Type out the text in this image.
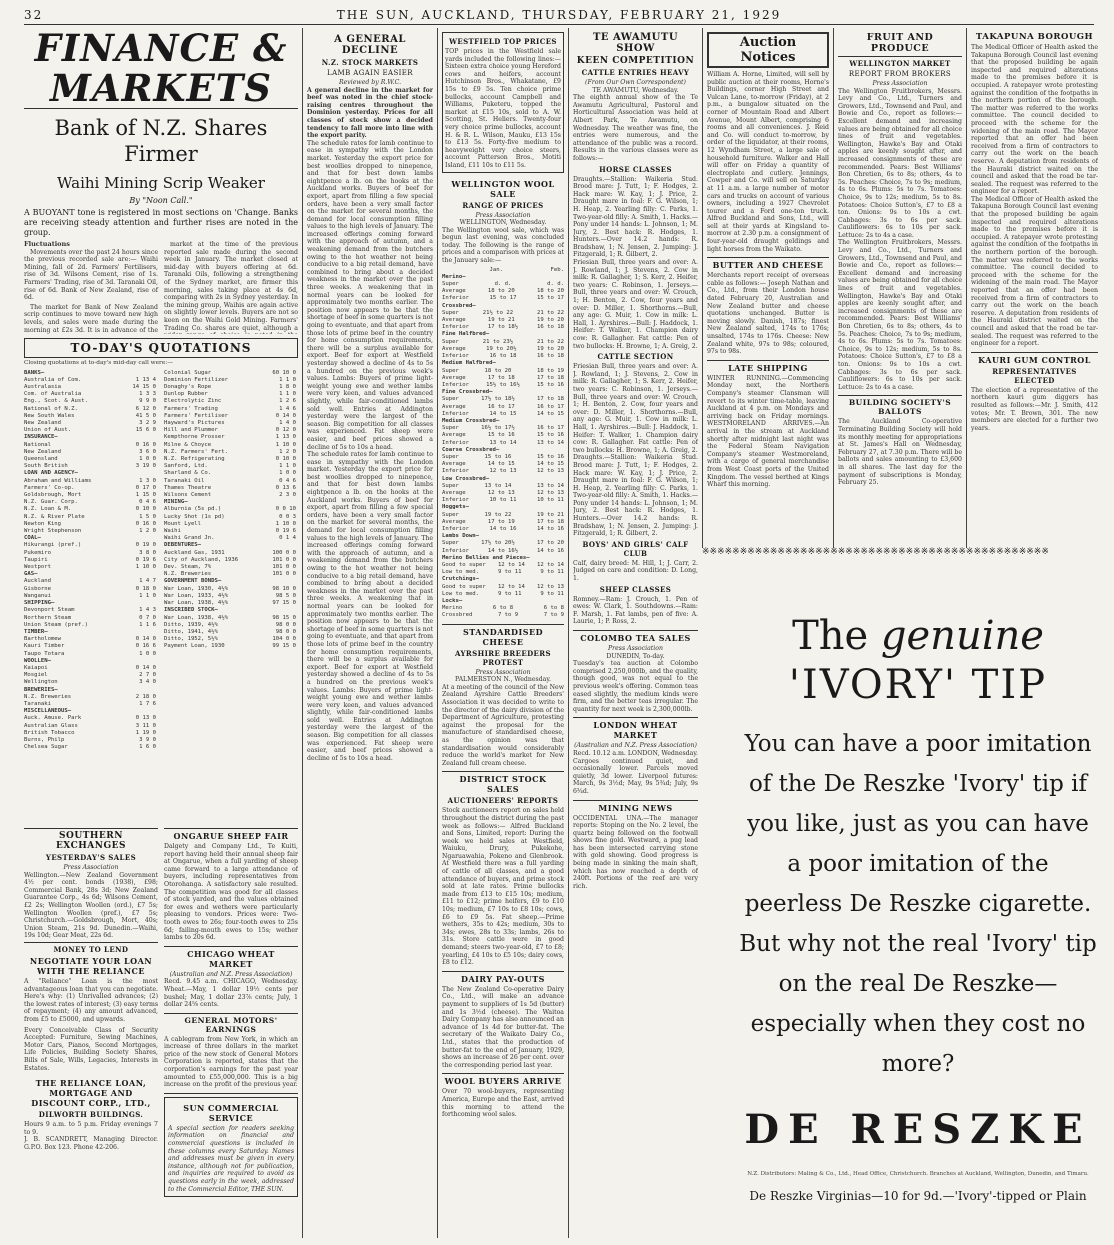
32	THE SUN, AUCKLAND, THURSDAY, FEBRUARY 21, 1929
FINANCE & MARKETS
Bank of N.Z. Shares Firmer
Waihi Mining Scrip Weaker
By "Noon Call."
A BUOYANT tone is registered in most sections on 'Change. Banks are receiving steady attention and further rises are noted in the group.
Fluctuations

Movements over the past 24 hours since the previous recorded sale are:— Waihi Mining, fall of 2d. Farmers' Fertilisers, rise of 3d. Wilsons Cement, rise of 1s. Farmers' Trading, rise of 3d. Taranaki Oil, rise of 6d. Bank of New Zealand, rise of 6d.

The market for Bank of New Zealand scrip continues to move toward new high levels, and sales were made during the morning at £2s 3d. It is in advance of the

market at the time of the previous reported sale made during the second week in January. The market closed at mid-day with buyers offering at 6d. Taranaki Oils, following a strengthening of the Sydney market, are firmer this morning, sales taking place at 4s 6d, comparing with 2s in Sydney yesterday. In the mining group, Waihis are again active on slightly lower levels. Buyers are not so keen on the Waihi Gold Mining. Farmers' Trading Co. shares are quiet, although a

TO-DAY'S QUOTATIONS
Closing quotations at to-day's mid-day call were:—
BANKS—
Australia of Com.	1 13 4
Australasia	14 15 0
Com. of Australia	1 3 3
Eng., Scot. & Aust.	9 9 0
National of N.Z.	6 12 0
New South Wales	41 5 0
New Zealand	3 2 9
Union of Aust.	15 6 0
INSURANCE—
National	0 16 0
New Zealand	3 6 0
Queensland	1 0 0
South British	3 19 0
LOAN AND AGENCY—
Abraham and Williams	1 3 0
Farmers' Co-op.	0 17 0
Goldsbrough, Mort	1 15 0
N.Z. Guar. Corp.	0 4 6
N.Z. Loan & M.	0 10 0
N.Z. & River Plate	1 5 0
Newton King	0 16 0
Wright Stephenson	1 2 0
COAL—
Hikurangi (pref.)	0 19 0
Pukemiro	3 8 0
Taupiri	0 19 6
Westport	1 10 0
GAS—
Auckland	1 4 7
Gisborne	0 18 0
Wanganui	1 1 0
SHIPPING—
Devonport Steam	1 4 3
Northern Steam	0 7 0
Union Steam (pref.)	1 1 6
TIMBER—
Bartholomew	0 14 0
Kauri Timber	0 16 6
Taupo Totara	1 0 0
WOOLLEN—
Kaiapoi	0 14 0
Mosgiel	2 7 0
Wellington	3 4 0
BREWERIES—
N.Z. Breweries	2 18 0
Taranaki	1 7 6
MISCELLANEOUS—
Auck. Amuse. Park	0 13 0
Australian Glass	3 11 0
British Tobacco	1 19 0
Burns, Philp	3 9 0
Chelsea Sugar	1 6 0
Colonial Sugar	60 10 0
Dominion Fertilizer	1 1 0
Donaghy's Rope	1 8 0
Dunlop Rubber	1 1 0
Electrolytic Zinc	1 2 6
Farmers' Trading	1 4 6
Farmers' Fertiliser	0 14 0
Hayward's Pictures	1 4 0
Hill and Plummer	0 12 0
Kempthorne Prosser	1 13 0
Milne & Choyce	1 10 0
N.Z. Farmers' Fert.	1 2 0
N.Z. Refrigerating	0 10 0
Sanford, Ltd.	1 1 0
Sharland & Co.	1 0 0
Taranaki Oil	0 4 6
Thames Theatre	0 13 6
Wilsons Cement	2 3 0
MINING—
Alburnia (5s pd.)	0 0 10
Lucky Shot (1s pd)	0 0 3
Mount Lyell	1 10 0
Waihi	0 19 6
Waihi Grand Jn.	0 1 4
DEBENTURES—
Auckland Gas, 1931	100 0 0
City of Auckland, 1936	101 0 0
Dev. Steam, 7%	101 0 0
N.Z. Breweries	101 0 0
GOVERNMENT BONDS—
War Loan, 1930, 4½%	98 10 0
War Loan, 1933, 4½%	98 5 0
War Loan, 1938, 4½%	97 15 0
INSCRIBED STOCK—
War Loan, 1938, 4½%	98 15 0
Ditto, 1939, 4½%	98 0 0
Ditto, 1941, 4½%	98 0 0
Ditto, 1952, 5½%	104 0 0
Payment Loan, 1930	99 15 0
SOUTHERN EXCHANGES
YESTERDAY'S SALES
Press Association
Wellington.—New Zealand Government 4½ per cent. bonds (1938), £98; Commercial Bank, 28s 3d; New Zealand Guarantee Corp., 4s 6d; Wilsons Cement, £2 2s; Wellington Woollen (ord.), £7 5s; Wellington Woollen (pref.), £7 5s; Christchurch.—Goldsbrough, Mort, 40s; Union Steam, 21s 9d. Dunedin.—Waihi, 19s 10d; Gear Meat, 22s 6d.
MONEY TO LEND
NEGOTIATE YOUR LOAN WITH THE RELIANCE
A "Reliance" Loan is the most advantageous loan that you can negotiate. Here's why: (1) Unrivalled advances; (2) the lowest rates of interest; (3) easy terms of repayment; (4) any amount advanced, from £5 to £5000, and upwards.
Every Conceivable Class of Security Accepted: Furniture, Sewing Machines, Motor Cars, Pianos, Second Mortgages, Life Policies, Building Society Shares, Bills of Sale, Wills, Legacies, Interests in Estates.
THE RELIANCE LOAN, MORTGAGE AND DISCOUNT CORP., LTD.,
DILWORTH BUILDINGS.
Hours 9 a.m. to 5 p.m. Friday evenings 7 to 9.
J. B. SCANDRETT, Managing Director. G.P.O. Box 123. Phone 42-206.
ONGARUE SHEEP FAIR
Dalgety and Company Ltd., Te Kuiti, report having held their annual sheep fair at Ongarue, when a full yarding of sheep came forward to a large attendance of buyers, including representatives from Otorohanga. A satisfactory sale resulted. The competition was good for all classes of stock yarded, and the values obtained for ewes and wethers were particularly pleasing to vendors. Prices were: Two-tooth ewes to 26s; four-tooth ewes to 25s 6d; failing-mouth ewes to 15s; wether lambs to 20s 6d.
CHICAGO WHEAT MARKET
(Australian and N.Z. Press Association)
Recd. 9.45 a.m. CHICAGO, Wednesday. Wheat.—May, 1 dollar 19½ cents per bushel; May, 1 dollar 23⅞ cents; July, 1 dollar 24⅝ cents.
GENERAL MOTORS' EARNINGS
A cablegram from New York, in which an increase of three dollars in the market price of the new stock of General Motors Corporation is reported, states that the corporation's earnings for the past year amounted to £55,000,000. This is a big increase on the profit of the previous year.
SUN COMMERCIAL SERVICE
A special section for readers seeking information on financial and commercial questions is included in these columns every Saturday. Names and addresses must be given in every instance, although not for publication, and inquiries are required to avoid as questions early in the week, addressed to the Commercial Editor, THE SUN.
A GENERAL DECLINE
N.Z. STOCK MARKETS
LAMB AGAIN EASIER
Reviewed by R.W.C.
A general decline in the market for beef was noted in the chief stock-raising centres throughout the Dominion yesterday. Prices for all classes of stock show a decided tendency to fall more into line with the export parity.
The schedule rates for lamb continue to ease in sympathy with the London market. Yesterday the export price for best woollies dropped to ninepence, and that for best down lambs eightpence a lb. on the hooks at the Auckland works. Buyers of beef for export, apart from filling a few special orders, have been a very small factor on the market for several months, the demand for local consumption filling values to the high levels of January. The increased offerings coming forward with the approach of autumn, and a weakening demand from the butchers owing to the hot weather not being conducive to a big retail demand, have combined to bring about a decided weakness in the market over the past three weeks. A weakening that in normal years can be looked for approximately two months earlier. The position now appears to be that the shortage of beef in some quarters is not going to eventuate, and that apart from those lots of prime beef in the country for home consumption requirements, there will be a surplus available for export. Beef for export at Westfield yesterday showed a decline of 4s to 5s a hundred on the previous week's values. Lambs: Buyers of prime light-weight young ewe and wether lambs were very keen, and values advanced slightly, while fair-conditioned lambs sold well. Entries at Addington yesterday were the largest of the season. Big competition for all classes was experienced. Fat sheep were easier, and beef prices showed a decline of 5s to 10s a head.
The schedule rates for lamb continue to ease in sympathy with the London market. Yesterday the export price for best woollies dropped to ninepence, and that for best down lambs eightpence a lb. on the hooks at the Auckland works. Buyers of beef for export, apart from filling a few special orders, have been a very small factor on the market for several months, the demand for local consumption filling values to the high levels of January. The increased offerings coming forward with the approach of autumn, and a weakening demand from the butchers owing to the hot weather not being conducive to a big retail demand, have combined to bring about a decided weakness in the market over the past three weeks. A weakening that in normal years can be looked for approximately two months earlier. The position now appears to be that the shortage of beef in some quarters is not going to eventuate, and that apart from those lots of prime beef in the country for home consumption requirements, there will be a surplus available for export. Beef for export at Westfield yesterday showed a decline of 4s to 5s a hundred on the previous week's values. Lambs: Buyers of prime light-weight young ewe and wether lambs were very keen, and values advanced slightly, while fair-conditioned lambs sold well. Entries at Addington yesterday were the largest of the season. Big competition for all classes was experienced. Fat sheep were easier, and beef prices showed a decline of 5s to 10s a head.
WESTFIELD TOP PRICES
TOP prices in the Westfield sale yards included the following lines:— Sixteen extra choice young Hereford cows and heifers, account Hutchinson Bros., Whakatane, £9 15s to £9 5s. Ten choice prime bullocks, account Campbell and Williams, Puketeru, topped the market at £15 10s, sold to A. W. Scotting, St. Heliers. Twenty-four very choice prime bullocks, account H. & R. L. Wilson, Mauku, £13 15s to £13 5s. Forty-five medium to heavyweight very choice steers, account Patterson Bros., Motiti Island, £11 10s to £11 5s.
WELLINGTON WOOL SALE
RANGE OF PRICES
Press Association
WELLINGTON, Wednesday.
The Wellington wool sale, which was begun last evening, was concluded today. The following is the range of prices and a comparison with prices at the January sale:—
Jan.	Feb.
Merino—
Super	d. d.	d. d.
Average	18 to 20	18 to 20
Inferior	15 to 17	15 to 17
Crossbred—
Super	21½ to 22	21 to 22
Average	19 to 21	19 to 20
Inferior	17 to 18½	16 to 18
Fine Halfbred—
Super	21 to 23½	21 to 22
Average	19 to 20½	19 to 20
Inferior	16 to 18	16 to 18
Medium Halfbred—
Super	18 to 20	18 to 19
Average	17 to 18	17 to 18
Inferior	15½ to 16½	15 to 16
Fine Crossbred—
Super	17½ to 18½	17 to 18
Average	16 to 17	16 to 17
Inferior	14 to 15	14 to 15
Medium Crossbred—
Super	16½ to 17½	16 to 17
Average	15 to 16	15 to 16
Inferior	13 to 14	13 to 14
Coarse Crossbred—
Super	15 to 16	15 to 16
Average	14 to 15	14 to 15
Inferior	12 to 13	12 to 13
Low Crossbred—
Super	13 to 14	13 to 14
Average	12 to 13	12 to 13
Inferior	10 to 11	10 to 11
Hoggets—
Super	19 to 22	19 to 21
Average	17 to 19	17 to 18
Inferior	14 to 16	14 to 16
Lambs Down—
Super	17½ to 20½	17 to 20
Inferior	14 to 16½	14 to 16
Merino Bellies and Pieces—
Good to super 12 to 14 12 to 14
Low to med.	9 to 11	9 to 11
Crutchings—
Good to super 12 to 14 12 to 13
Low to med.	9 to 11	9 to 11
Locks—
Merino	6 to 8	6 to 8
Crossbred	7 to 9	7 to 9
STANDARDISED CHEESE
AYRSHIRE BREEDERS PROTEST
Press Association
PALMERSTON N., Wednesday.
At a meeting of the council of the New Zealand Ayrshire Cattle Breeders' Association it was decided to write to the director of the dairy division of the Department of Agriculture, protesting against the proposal for the manufacture of standardised cheese, as the opinion was that standardisation would considerably reduce the world's market for New Zealand full cream cheese.
DISTRICT STOCK SALES
AUCTIONEERS' REPORTS
Stock auctioneers report on sales held throughout the district during the past week as follows:— Alfred Buckland and Sons, Limited, report: During the week we held sales at Westfield, Waiuku, Drury, Pukekohe, Ngaruawahia, Pokeno and Glenbrook. At Westfield there was a full yarding of cattle of all classes, and a good attendance of buyers, and prime stock sold at late rates. Prime bullocks made from £13 to £15 10s; medium, £11 to £12; prime heifers, £9 to £10 10s; medium, £7 10s to £8 10s; cows, £6 to £9 5s. Fat sheep.—Prime wethers, 35s to 42s; medium, 30s to 34s; ewes, 28s to 33s; lambs, 26s to 31s. Store cattle were in good demand; steers two-year-old, £7 to £8; yearling, £4 10s to £5 10s; dairy cows, £8 to £12.
DAIRY PAY-OUTS
The New Zealand Co-operative Dairy Co., Ltd., will make an advance payment to suppliers of 1s 5d (butter) and 1s 3½d (cheese). The Waitoa Dairy Company has also announced an advance of 1s 4d for butter-fat. The secretary of the Waikato Dairy Co., Ltd., states that the production of butter-fat to the end of January, 1929, shows an increase of 26 per cent. over the corresponding period last year.
WOOL BUYERS ARRIVE
Over 70 wool-buyers, representing America, Europe and the East, arrived this morning to attend the forthcoming wool sales.
TE AWAMUTU SHOW
KEEN COMPETITION
CATTLE ENTRIES HEAVY
(From Our Own Correspondent)
TE AWAMUTU, Wednesday.
The eighth annual show of the Te Awamutu Agricultural, Pastoral and Horticultural Association was held at Albert Park, Te Awamutu, on Wednesday. The weather was fine, the entries were numerous, and the attendance of the public was a record. Results in the various classes were as follows:—
HORSE CLASSES
Draughts.—Stallion: Waikeria Stud. Brood mare: J. Tutt, 1; F. Hodges, 2. Hack mare: W. Kay, 1; J. Price, 2. Draught mare in foal: F. G. Wilson, 1; H. Heap, 2. Yearling filly: C. Parks, 1. Two-year-old filly: A. Smith, 1. Hacks.—Pony under 14 hands: L. Johnson, 1; M. Jury, 2. Best hack: R. Hodges, 1. Hunters.—Over 14.2 hands: R. Bradshaw, 1; N. Jensen, 2. Jumping: J. Fitzgerald, 1; R. Gilbert, 2.
Friesian Bull, three years and over: A. J. Rowland, 1; J. Stevens, 2. Cow in milk: R. Gallagher, 1; S. Kerr, 2. Heifer, two years: C. Robinson, 1. Jerseys.—Bull, three years and over: W. Crouch, 1; H. Benton, 2. Cow, four years and over: D. Miller, 1. Shorthorns.—Bull, any age: G. Muir, 1. Cow in milk: L. Hall, 1. Ayrshires.—Bull: J. Haddock, 1. Heifer: T. Walker, 1. Champion dairy cow: R. Gallagher. Fat cattle: Pen of two bullocks: H. Browne, 1; A. Greig, 2.
CATTLE SECTION
Friesian Bull, three years and over: A. J. Rowland, 1; J. Stevens, 2. Cow in milk: R. Gallagher, 1; S. Kerr, 2. Heifer, two years: C. Robinson, 1. Jerseys.—Bull, three years and over: W. Crouch, 1; H. Benton, 2. Cow, four years and over: D. Miller, 1. Shorthorns.—Bull, any age: G. Muir, 1. Cow in milk: L. Hall, 1. Ayrshires.—Bull: J. Haddock, 1. Heifer: T. Walker, 1. Champion dairy cow: R. Gallagher. Fat cattle: Pen of two bullocks: H. Browne, 1; A. Greig, 2.
Draughts.—Stallion: Waikeria Stud. Brood mare: J. Tutt, 1; F. Hodges, 2. Hack mare: W. Kay, 1; J. Price, 2. Draught mare in foal: F. G. Wilson, 1; H. Heap, 2. Yearling filly: C. Parks, 1. Two-year-old filly: A. Smith, 1. Hacks.—Pony under 14 hands: L. Johnson, 1; M. Jury, 2. Best hack: R. Hodges, 1. Hunters.—Over 14.2 hands: R. Bradshaw, 1; N. Jensen, 2. Jumping: J. Fitzgerald, 1; R. Gilbert, 2.
BOYS' AND GIRLS' CALF CLUB
Calf, dairy breed: M. Hill, 1; J. Carr, 2. Judged on care and condition: D. Long, 1.
SHEEP CLASSES
Romney.—Ram: J. Crouch, 1. Pen of ewes: W. Clark, 1. Southdowns.—Ram: F. Marsh, 1. Fat lambs, pen of five: A. Laurie, 1; P. Ross, 2.
COLOMBO TEA SALES
Press Association
DUNEDIN, To-day.
Tuesday's tea auction at Colombo comprised 2,250,000lb, and the quality, though good, was not equal to the previous week's offering. Common teas eased slightly, the medium kinds were firm, and the better teas irregular. The quantity for next week is 2,300,000lb.
LONDON WHEAT MARKET
(Australian and N.Z. Press Association)
Recd. 10.12 a.m. LONDON, Wednesday.
Cargoes continued quiet, and occasionally lower. Parcels moved quietly, 3d lower. Liverpool futures: March, 9s 3½d; May, 9s 5¾d; July, 9s 6¾d.
MINING NEWS
OCCIDENTAL UNA.—The manager reports: Stoping on the No. 2 level, the quartz being followed on the footwall shows fine gold. Westward, a pug lead has been intersected carrying stone with gold showing. Good progress is being made in sinking the main shaft, which has now reached a depth of 240ft. Portions of the reef are very rich.
Auction Notices
William A. Horne, Limited, will sell by public auction at their rooms, Horne's Buildings, corner High Street and Vulcan Lane, to-morrow (Friday), at 2 p.m., a bungalow situated on the corner of Mountain Road and Albert Avenue, Mount Albert, comprising 6 rooms and all conveniences. J. Reid and Co. will conduct to-morrow, by order of the liquidator, at their rooms, 12 Wyndham Street, a large sale of household furniture. Walker and Hall will offer on Friday a quantity of electroplate and cutlery. Jennings, Cowper and Co. will sell on Saturday at 11 a.m. a large number of motor cars and trucks on account of various owners, including a 1927 Chevrolet tourer and a Ford one-ton truck. Alfred Buckland and Sons, Ltd., will sell at their yards at Kingsland to-morrow at 2.30 p.m. a consignment of four-year-old draught geldings and light horses from the Waikato.
BUTTER AND CHEESE
Merchants report receipt of overseas cable as follows:— Joseph Nathan and Co., Ltd., from their London house dated February 20, Australian and New Zealand butter and cheese quotations unchanged. Butter is moving slowly. Danish, 187s; finest New Zealand salted, 174s to 176s; unsalted, 174s to 176s. Cheese: New Zealand white, 97s to 98s; coloured, 97s to 98s.
LATE SHIPPING
WINTER RUNNING.—Commencing Monday next, the Northern Company's steamer Clansman will revert to its winter time-table, leaving Auckland at 4 p.m. on Mondays and arriving back on Friday mornings. WESTMORELAND ARRIVES.—An arrival in the stream at Auckland shortly after midnight last night was the Federal Steam Navigation Company's steamer Westmoreland, with a cargo of general merchandise from West Coast ports of the United Kingdom. The vessel berthed at Kings Wharf this morning.
FRUIT AND PRODUCE
WELLINGTON MARKET
REPORT FROM BROKERS
Press Association
The Wellington Fruitbrokers, Messrs. Levy and Co., Ltd., Turners and Growers, Ltd., Townsend and Paul, and Bowie and Co., report as follows:— Excellent demand and increasing values are being obtained for all choice lines of fruit and vegetables. Wellington, Hawke's Bay and Otaki apples are keenly sought after, and increased consignments of these are recommended. Pears: Best Williams' Bon Chretien, 6s to 8s; others, 4s to 5s. Peaches: Choice, 7s to 9s; medium, 4s to 6s. Plums: 5s to 7s. Tomatoes: Choice, 9s to 12s; medium, 5s to 8s. Potatoes: Choice Sutton's, £7 to £8 a ton. Onions: 9s to 10s a cwt. Cabbages: 3s to 6s per sack. Cauliflowers: 6s to 10s per sack. Lettuce: 2s to 4s a case.
The Wellington Fruitbrokers, Messrs. Levy and Co., Ltd., Turners and Growers, Ltd., Townsend and Paul, and Bowie and Co., report as follows:— Excellent demand and increasing values are being obtained for all choice lines of fruit and vegetables. Wellington, Hawke's Bay and Otaki apples are keenly sought after, and increased consignments of these are recommended. Pears: Best Williams' Bon Chretien, 6s to 8s; others, 4s to 5s. Peaches: Choice, 7s to 9s; medium, 4s to 6s. Plums: 5s to 7s. Tomatoes: Choice, 9s to 12s; medium, 5s to 8s. Potatoes: Choice Sutton's, £7 to £8 a ton. Onions: 9s to 10s a cwt. Cabbages: 3s to 6s per sack. Cauliflowers: 6s to 10s per sack. Lettuce: 2s to 4s a case.
BUILDING SOCIETY'S BALLOTS
The Auckland Co-operative Terminating Building Society will hold its monthly meeting for appropriations at St. James's Hall on Wednesday, February 27, at 7.30 p.m. There will be ballots and sales amounting to £3,600 in all shares. The last day for the payment of subscriptions is Monday, February 25.
TAKAPUNA BOROUGH
The Medical Officer of Health asked the Takapuna Borough Council last evening that the proposed building be again inspected and required alterations made to the premises before it is occupied. A ratepayer wrote protesting against the condition of the footpaths in the northern portion of the borough. The matter was referred to the works committee. The council decided to proceed with the scheme for the widening of the main road. The Mayor reported that an offer had been received from a firm of contractors to carry out the work on the beach reserve. A deputation from residents of the Hauraki district waited on the council and asked that the road be tar-sealed. The request was referred to the engineer for a report.
The Medical Officer of Health asked the Takapuna Borough Council last evening that the proposed building be again inspected and required alterations made to the premises before it is occupied. A ratepayer wrote protesting against the condition of the footpaths in the northern portion of the borough. The matter was referred to the works committee. The council decided to proceed with the scheme for the widening of the main road. The Mayor reported that an offer had been received from a firm of contractors to carry out the work on the beach reserve. A deputation from residents of the Hauraki district waited on the council and asked that the road be tar-sealed. The request was referred to the engineer for a report.
KAURI GUM CONTROL
REPRESENTATIVES ELECTED
The election of a representative of the northern kauri gum diggers has resulted as follows:—Mr. J. Smith, 412 votes; Mr. T. Brown, 301. The new members are elected for a further two years.
※※※※※※※※※※※※※※※※※※※※※※※※※※※※※※※※※※※※※※※※※※※※※※
The genuine
'IVORY' TIP
You can have a poor imitation of the De Reszke 'Ivory' tip if you like, just as you can have a poor imitation of the peerless De Reszke cigarette. But why not the real 'Ivory' tip on the real De Reszke—especially when they cost no more?
DE RESZKE
N.Z. Distributors: Maling & Co., Ltd., Head Office, Christchurch. Branches at Auckland, Wellington, Dunedin, and Timaru.
De Reszke Virginias—10 for 9d.—'Ivory'-tipped or Plain
